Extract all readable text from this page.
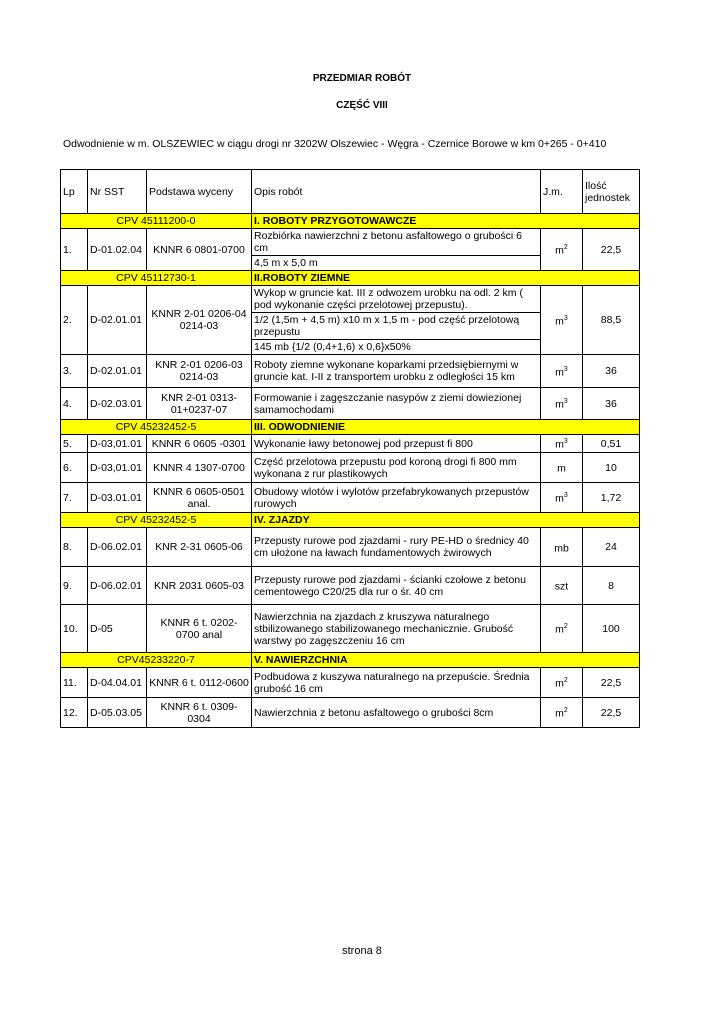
PRZEDMIAR ROBÓT
CZĘŚĆ VIII
Odwodnienie w m. OLSZEWIEC w ciągu drogi nr 3202W Olszewiec - Węgra - Czernice Borowe w km 0+265 - 0+410
Lp	Nr SST	Podstawa wyceny	Opis robót	J.m.	Ilość jednostek
CPV 45111200-0			I. ROBOTY PRZYGOTOWAWCZE		
1.	D-01.02.04	KNNR 6 0801-0700	Rozbiórka nawierzchni z betonu asfaltowego o grubości 6 cm
4,5 m x 5,0 m	$m^2$	22,5
CPV 45112730-1			II.ROBOTY ZIEMNE		
2.	D-02.01.01	KNNR 2-01 0206-04 0214-03	Wykop w gruncie kat. III z odwozem urobku na odl. 2 km ( pod wykonanie części przelotowej przepustu).
1/2 (1,5m + 4,5 m) x10 m x 1,5 m - pod część przelotową przepustu
145 mb {1/2 (0,4+1,6) x 0,6}x50%	$m^3$	88,5
3.	D-02.01.01	KNR 2-01 0206-03 0214-03	Roboty ziemne wykonane koparkami przedsiębiernymi w gruncie kat. I-II z transportem urobku z odległości 15 km	$m^3$	36
4.	D-02.03.01	KNR 2-01 0313-01+0237-07	Formowanie i zagęszczanie nasypów z ziemi dowiezionej samamochodami	$m^3$	36
CPV 45232452-5			III. ODWODNIENIE		
5.	D-03,01.01	KNNR 6 0605 -0301	Wykonanie ławy betonowej pod przepust fi 800	$m^3$	0,51
6.	D-03,01.01	KNNR 4 1307-0700	Część przelotowa przepustu pod koroną drogi fi 800 mm wykonana z rur plastikowych	m	10
7.	D-03.01.01	KNNR 6 0605-0501 anal.	Obudowy wlotów i wylotów przefabrykowanych przepustów rurowych	$m^3$	1,72
CPV 45232452-5			IV. ZJAZDY		
8.	D-06.02.01	KNR 2-31 0605-06	Przepusty rurowe pod zjazdami - rury PE-HD o średnicy 40 cm ułożone na ławach fundamentowych żwirowych	mb	24
9.	D-06.02.01	KNR 2031 0605-03	Przepusty rurowe pod zjazdami - ścianki czołowe z betonu cementowego C20/25 dla rur o śr. 40 cm	szt	8
10.	D-05	KNNR 6 t. 0202-0700 anal	Nawierzchnia na zjazdach z kruszywa naturalnego stbilizowanego stabilizowanego mechanicznie. Grubość warstwy po zagęszczeniu 16 cm	$m^2$	100
CPV45233220-7			V. NAWIERZCHNIA		
11.	D-04.04.01	KNNR 6 t. 0112-0600	Podbudowa z kuszywa naturalnego na przepuście. Średnia grubość 16 cm	$m^2$	22,5
12.	D-05.03.05	KNNR 6 t. 0309-0304	Nawierzchnia z betonu asfaltowego o grubości 8cm	$m^2$	22,5
strona 8
